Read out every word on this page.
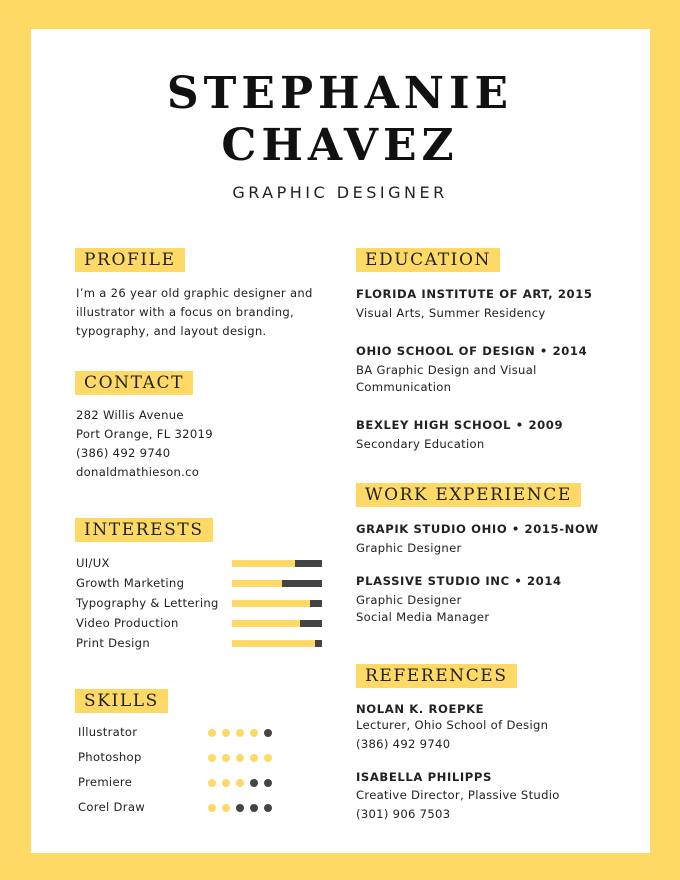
STEPHANIE
CHAVEZ
GRAPHIC DESIGNER
PROFILE
I’m a 26 year old graphic designer and
illustrator with a focus on branding,
typography, and layout design.
CONTACT
282 Willis Avenue
Port Orange, FL 32019
(386) 492 9740
donaldmathieson.co
INTERESTS
UI/UX
Growth Marketing
Typography & Lettering
Video Production
Print Design
SKILLS
Illustrator
Photoshop
Premiere
Corel Draw
EDUCATION
FLORIDA INSTITUTE OF ART, 2015
Visual Arts, Summer Residency
OHIO SCHOOL OF DESIGN • 2014
BA Graphic Design and Visual
Communication
BEXLEY HIGH SCHOOL • 2009
Secondary Education
WORK EXPERIENCE
GRAPIK STUDIO OHIO • 2015-NOW
Graphic Designer
PLASSIVE STUDIO INC • 2014
Graphic Designer
Social Media Manager
REFERENCES
NOLAN K. ROEPKE
Lecturer, Ohio School of Design
(386) 492 9740
ISABELLA PHILIPPS
Creative Director, Plassive Studio
(301) 906 7503
